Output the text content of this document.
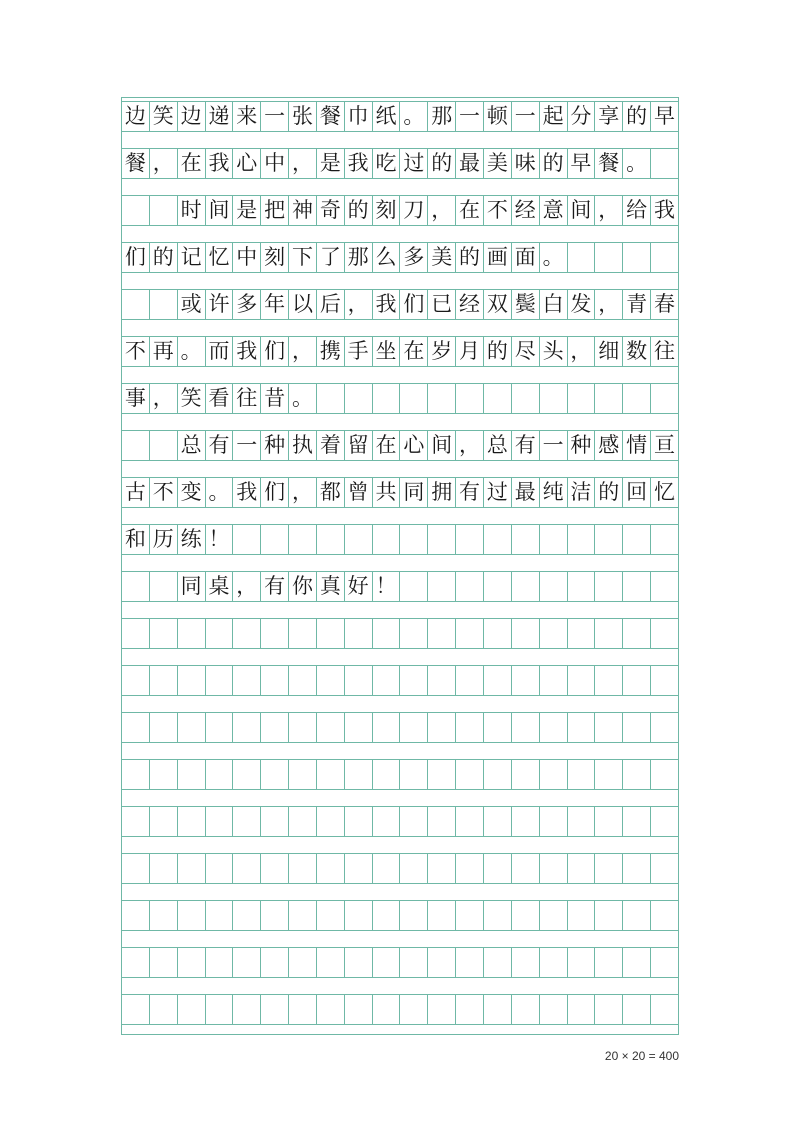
边 笑 边 递 来 一 张 餐 巾 纸 。 那 一 顿 一 起 分 享 的 早
餐 ， 在 我 心 中 ， 是 我 吃 过 的 最 美 味 的 早 餐 。
时 间 是 把 神 奇 的 刻 刀 ， 在 不 经 意 间 ， 给 我
们 的 记 忆 中 刻 下 了 那 么 多 美 的 画 面 。
或 许 多 年 以 后 ， 我 们 已 经 双 鬓 白 发 ， 青 春
不 再 。 而 我 们 ， 携 手 坐 在 岁 月 的 尽 头 ， 细 数 往
事 ， 笑 看 往 昔 。
总 有 一 种 执 着 留 在 心 间 ， 总 有 一 种 感 情 亘
古 不 变 。 我 们 ， 都 曾 共 同 拥 有 过 最 纯 洁 的 回 忆
和 历 练 ！
同 桌 ， 有 你 真 好 ！
20 × 20 = 400
